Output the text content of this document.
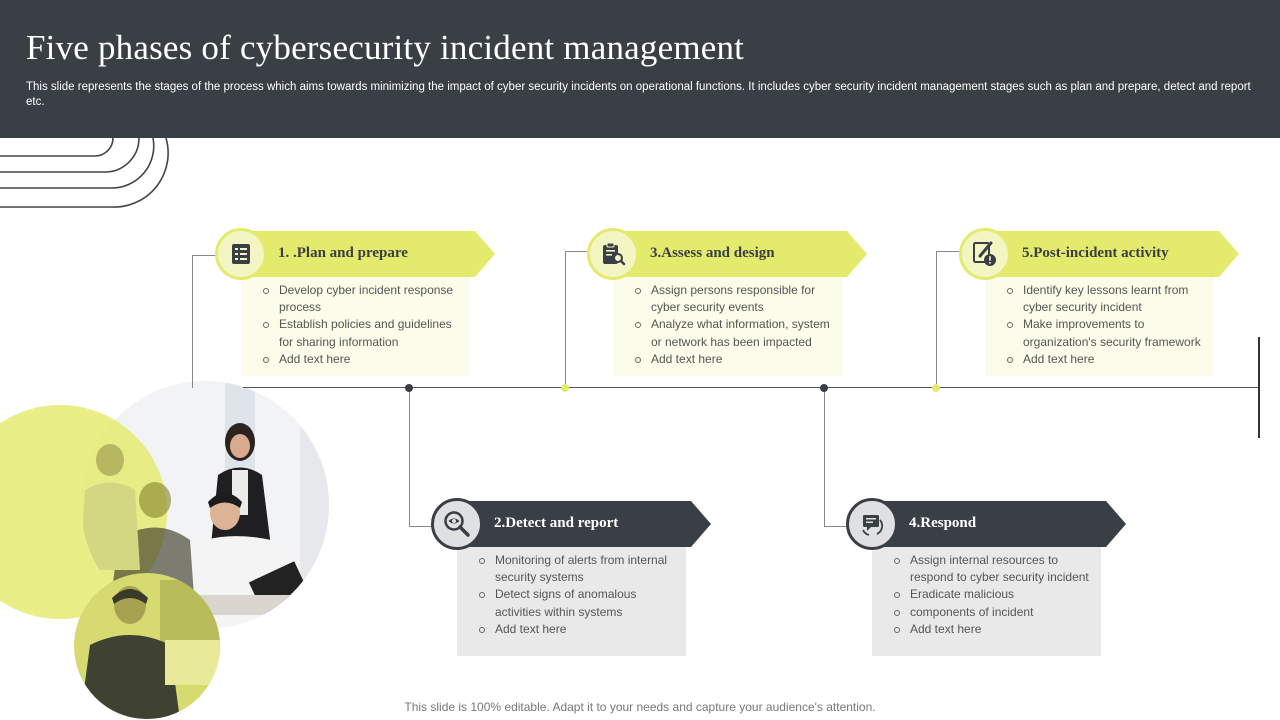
Five phases of cybersecurity incident management

This slide represents the stages of the process which aims towards minimizing the impact of cyber security incidents on operational functions. It includes cyber security incident management stages such as plan and prepare, detect and report etc.

Develop cyber incident response process
Establish policies and guidelines for sharing information
Add text here
1. .Plan and prepare
Monitoring of alerts from internal security systems
Detect signs of anomalous activities within systems
Add text here
2.Detect and report
Assign persons responsible for cyber security events
Analyze what information, system or network has been impacted
Add text here
3.Assess and design
Assign internal resources to respond to cyber security incident
Eradicate malicious
components of incident
Add text here
4.Respond
Identify key lessons learnt from cyber security incident
Make improvements to organization's security framework
Add text here
5.Post-incident activity
This slide is 100% editable. Adapt it to your needs and capture your audience's attention.
